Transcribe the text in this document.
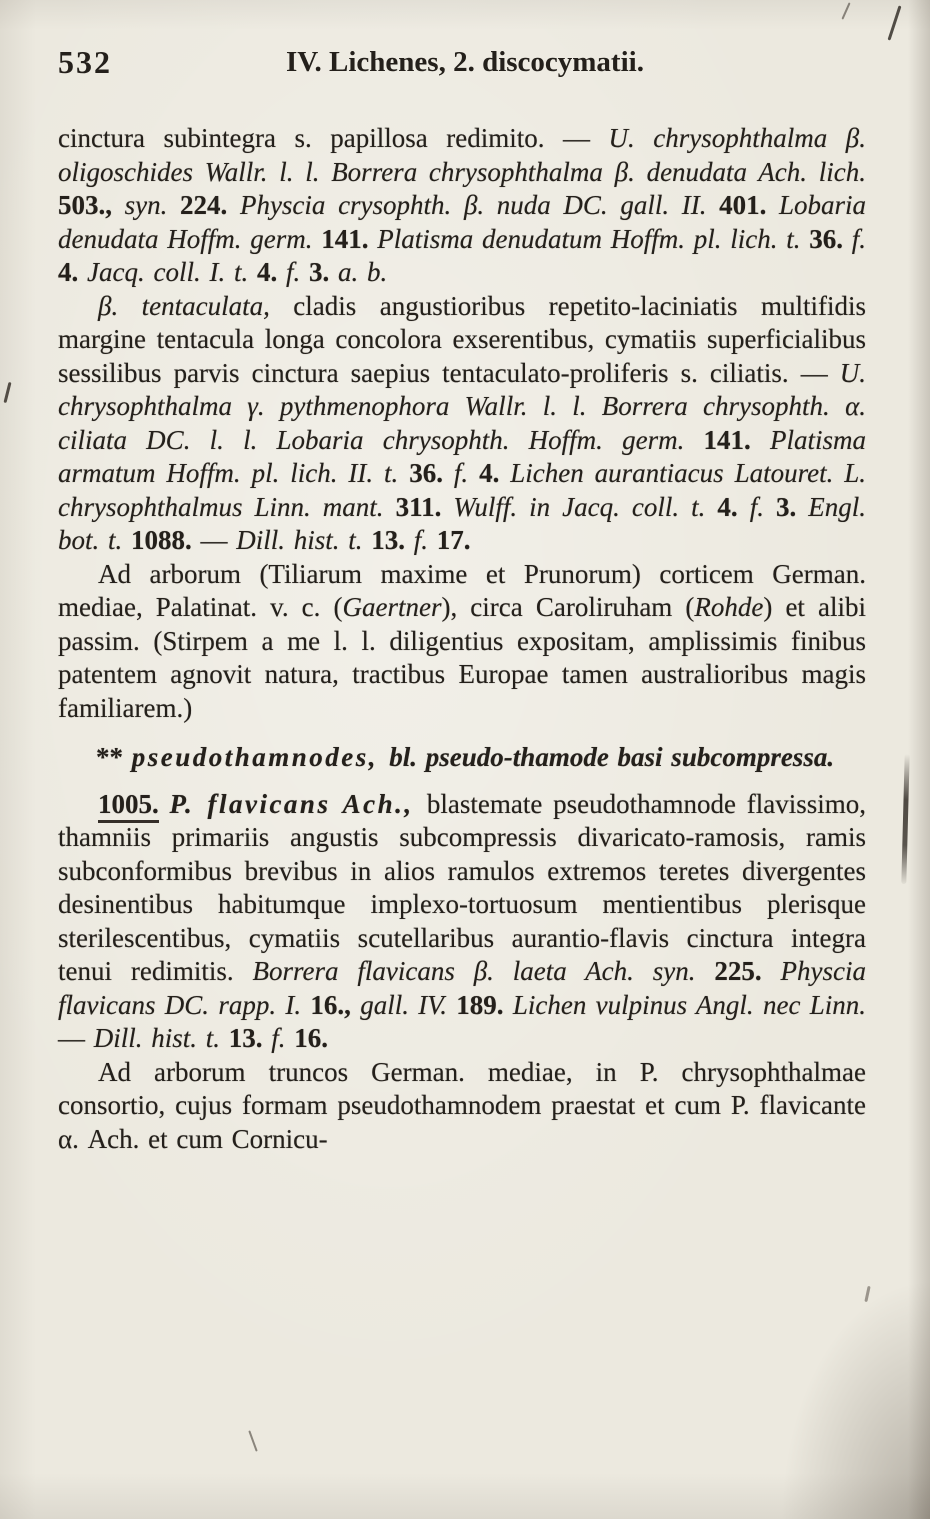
532	IV. Lichenes, 2. discocymatii.

cinctura subintegra s. papillosa redimito. — U. chrysophthalma β. oligoschides Wallr. l. l. Borrera chrysophthalma β. denudata Ach. lich. 503., syn. 224. Physcia crysophth. β. nuda DC. gall. II. 401. Lobaria denudata Hoffm. germ. 141. Platisma denudatum Hoffm. pl. lich. t. 36. f. 4. Jacq. coll. I. t. 4. f. 3. a. b.

β. tentaculata, cladis angustioribus repetito-laciniatis multifidis margine tentacula longa concolora exserentibus, cymatiis superficialibus sessilibus parvis cinctura saepius tentaculato-proliferis s. ciliatis. — U. chrysophthalma γ. pythmenophora Wallr. l. l. Borrera chrysophth. α. ciliata DC. l. l. Lobaria chrysophth. Hoffm. germ. 141. Platisma armatum Hoffm. pl. lich. II. t. 36. f. 4. Lichen aurantiacus Latouret. L. chrysophthalmus Linn. mant. 311. Wulff. in Jacq. coll. t. 4. f. 3. Engl. bot. t. 1088. — Dill. hist. t. 13. f. 17.

Ad arborum (Tiliarum maxime et Prunorum) corticem German. mediae, Palatinat. v. c. (Gaertner), circa Caroliruham (Rohde) et alibi passim. (Stirpem a me l. l. diligentius expositam, amplissimis finibus patentem agnovit natura, tractibus Europae tamen australioribus magis familiarem.)

** pseudothamnodes, bl. pseudo-thamode basi subcompressa.

1005. P. flavicans Ach., blastemate pseudothamnode flavissimo, thamniis primariis angustis subcompressis divaricato-ramosis, ramis subconformibus brevibus in alios ramulos extremos teretes divergentes desinentibus habitumque implexo-tortuosum mentientibus plerisque sterilescentibus, cymatiis scutellaribus aurantio-flavis cinctura integra tenui redimitis. Borrera flavicans β. laeta Ach. syn. 225. Physcia flavicans DC. rapp. I. 16., gall. IV. 189. Lichen vulpinus Angl. nec Linn. — Dill. hist. t. 13. f. 16.

Ad arborum truncos German. mediae, in P. chrysophthalmae consortio, cujus formam pseudothamnodem praestat et cum P. flavicante α. Ach. et cum Cornicu-
